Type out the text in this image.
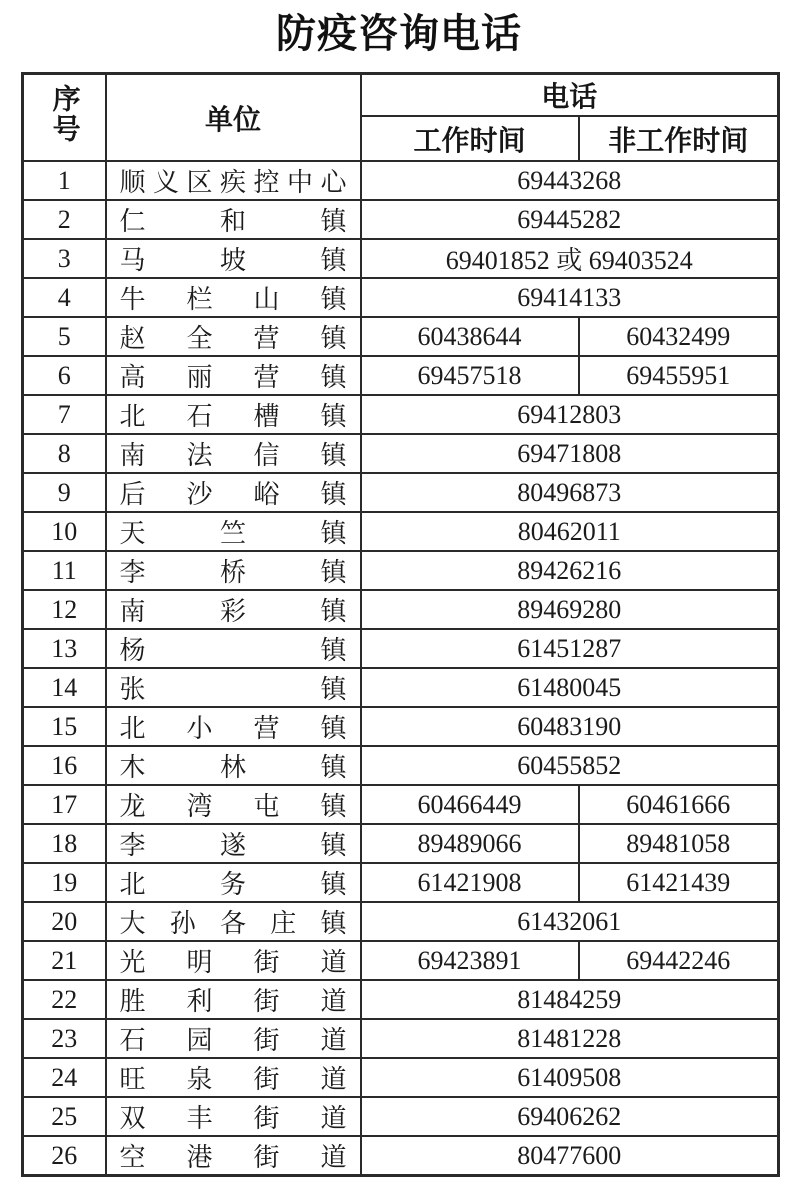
防疫咨询电话
序号	单位	电话	
		工作时间	非工作时间
1	顺义区疾控中心	69443268	
2	仁和镇	69445282	
3	马坡镇	69401852 或 69403524	
4	牛栏山镇	69414133	
5	赵全营镇	60438644	60432499
6	高丽营镇	69457518	69455951
7	北石槽镇	69412803	
8	南法信镇	69471808	
9	后沙峪镇	80496873	
10	天竺镇	80462011	
11	李桥镇	89426216	
12	南彩镇	89469280	
13	杨镇	61451287	
14	张镇	61480045	
15	北小营镇	60483190	
16	木林镇	60455852	
17	龙湾屯镇	60466449	60461666
18	李遂镇	89489066	89481058
19	北务镇	61421908	61421439
20	大孙各庄镇	61432061	
21	光明街道	69423891	69442246
22	胜利街道	81484259	
23	石园街道	81481228	
24	旺泉街道	61409508	
25	双丰街道	69406262	
26	空港街道	80477600	
